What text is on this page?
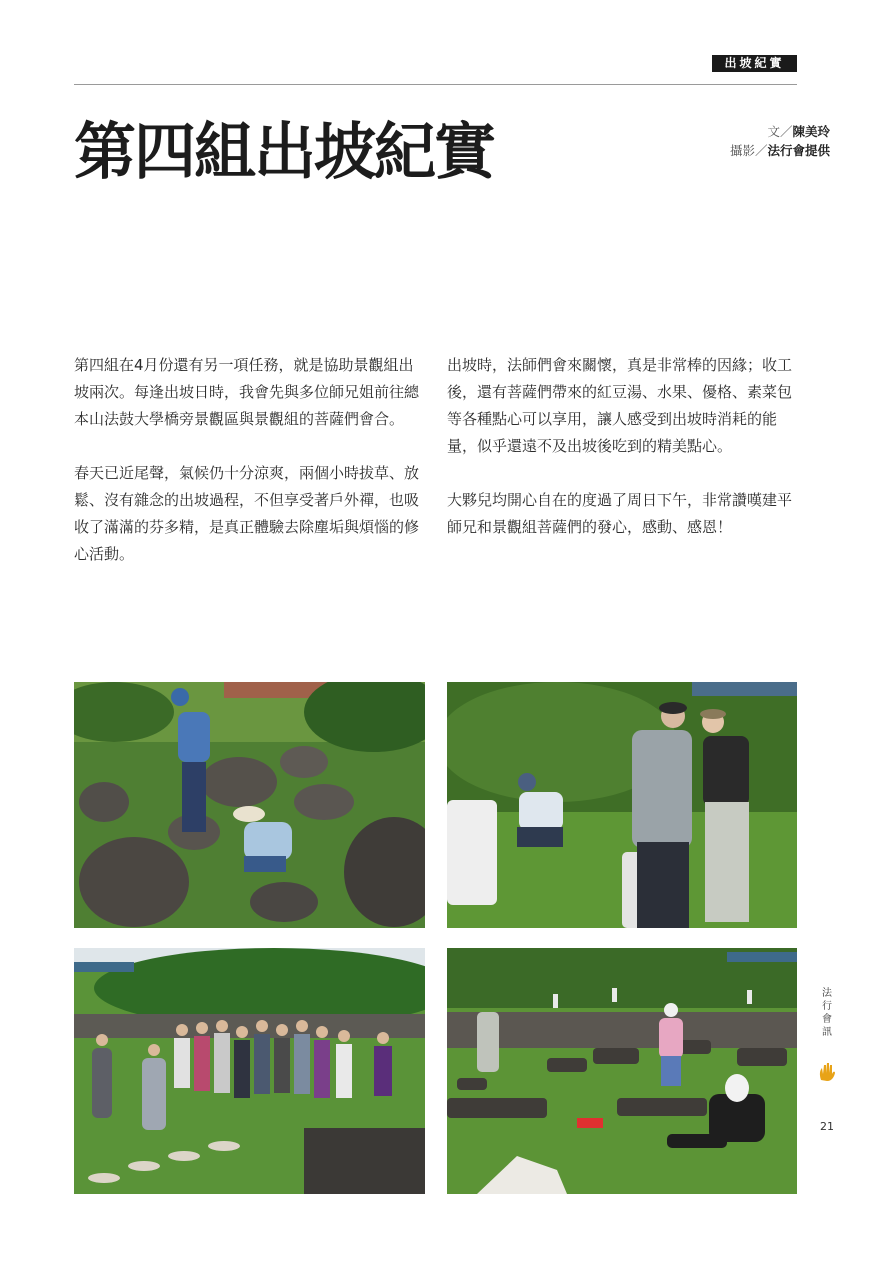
出坡紀實
第四組出坡紀實	文／陳美玲
攝影／法行會提供

第四組在4月份還有另一項任務，就是協助景觀組出坡兩次。每逢出坡日時，我會先與多位師兄姐前往總本山法鼓大學橋旁景觀區與景觀組的菩薩們會合。

春天已近尾聲，氣候仍十分涼爽，兩個小時拔草、放鬆、沒有雜念的出坡過程，不但享受著戶外禪，也吸收了滿滿的芬多精，是真正體驗去除塵垢與煩惱的修心活動。

出坡時，法師們會來關懷，真是非常棒的因緣；收工後，還有菩薩們帶來的紅豆湯、水果、優格、素菜包等各種點心可以享用，讓人感受到出坡時消耗的能量，似乎還遠不及出坡後吃到的精美點心。

大夥兒均開心自在的度過了周日下午，非常讚嘆建平師兄和景觀組菩薩們的發心，感動、感恩！

法行會訊
21
